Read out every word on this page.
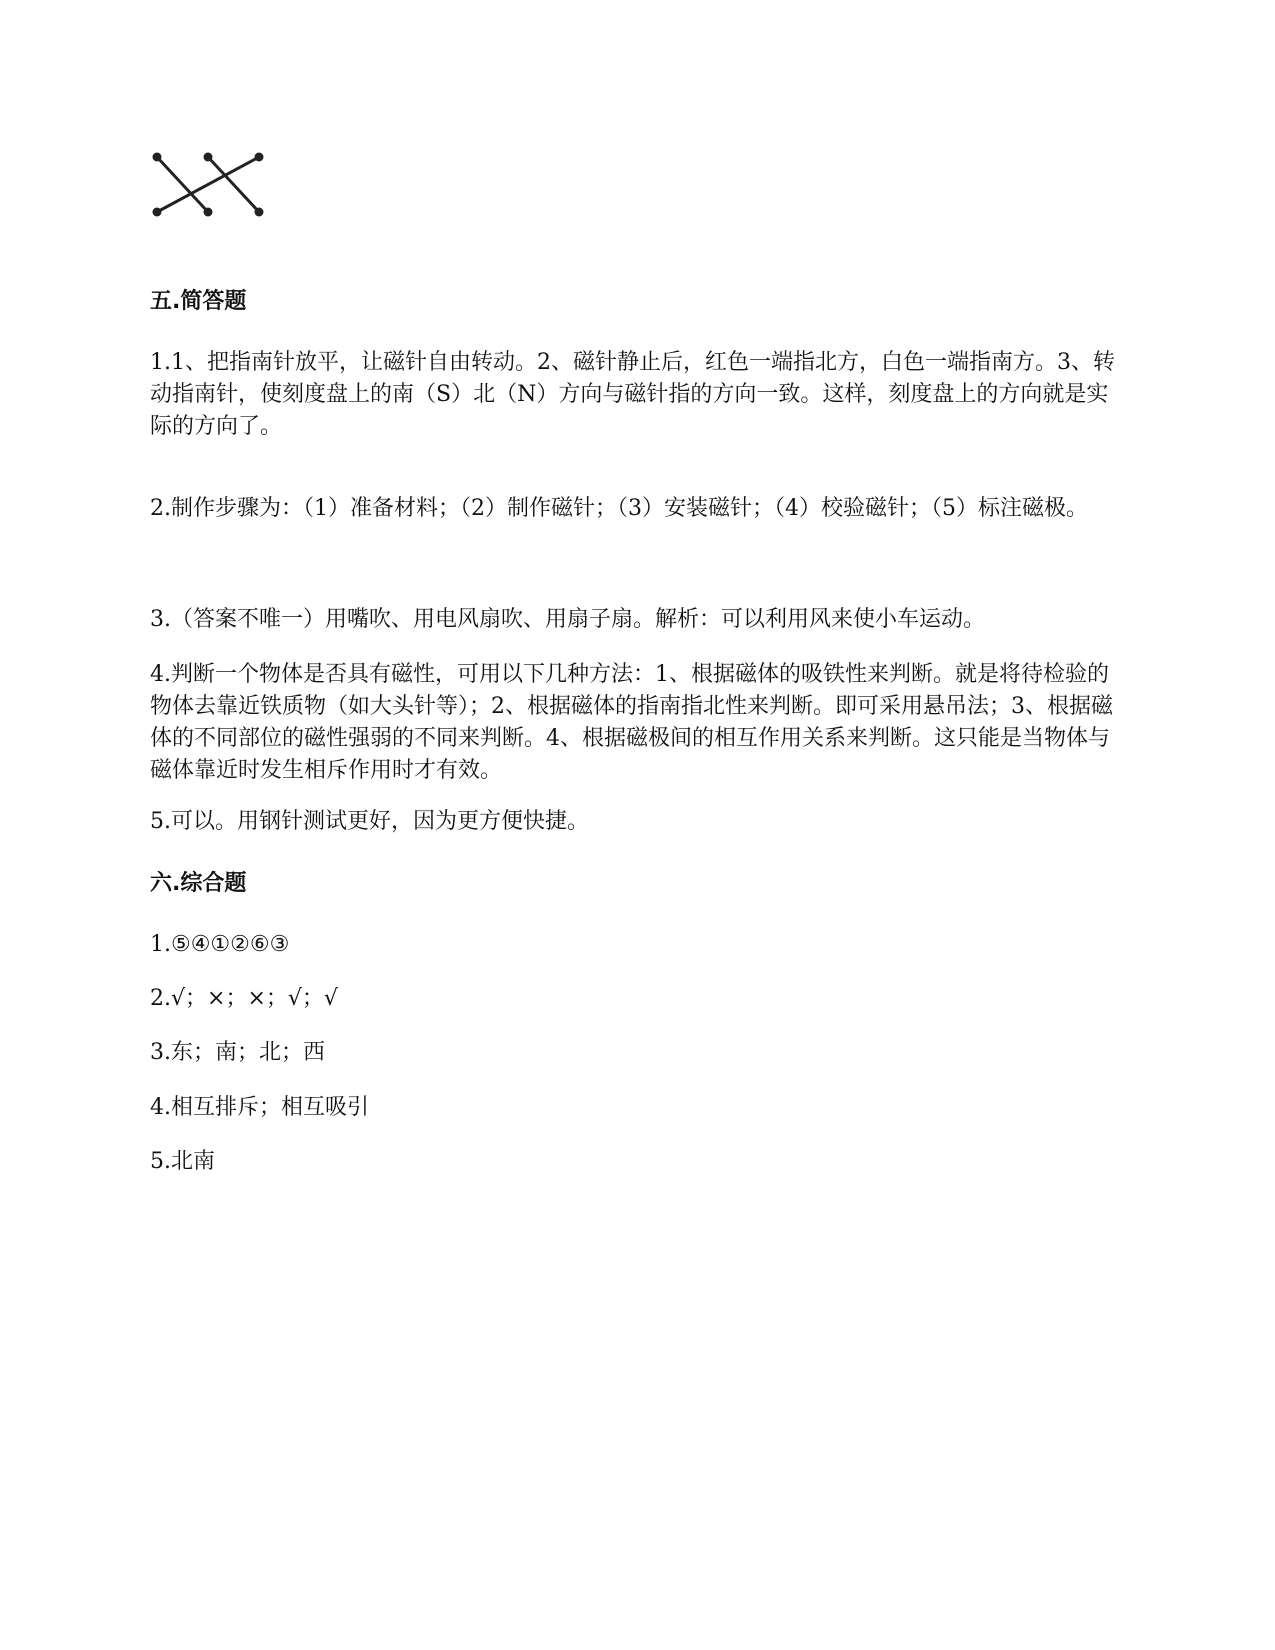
五.简答题

1.1、把指南针放平，让磁针自由转动。2、磁针静止后，红色一端指北方，白色一端指南方。3、转动指南针，使刻度盘上的南（S）北（N）方向与磁针指的方向一致。这样，刻度盘上的方向就是实际的方向了。

2.制作步骤为：（1）准备材料；（2）制作磁针；（3）安装磁针；（4）校验磁针；（5）标注磁极。

3.（答案不唯一）用嘴吹、用电风扇吹、用扇子扇。解析：可以利用风来使小车运动。

4.判断一个物体是否具有磁性，可用以下几种方法：1、根据磁体的吸铁性来判断。就是将待检验的物体去靠近铁质物（如大头针等）；2、根据磁体的指南指北性来判断。即可采用悬吊法；3、根据磁体的不同部位的磁性强弱的不同来判断。4、根据磁极间的相互作用关系来判断。这只能是当物体与磁体靠近时发生相斥作用时才有效。

5.可以。用钢针测试更好，因为更方便快捷。

六.综合题

1.⑤④①②⑥③

2.√；×；×；√；√

3.东；南；北；西

4.相互排斥；相互吸引

5.北南
